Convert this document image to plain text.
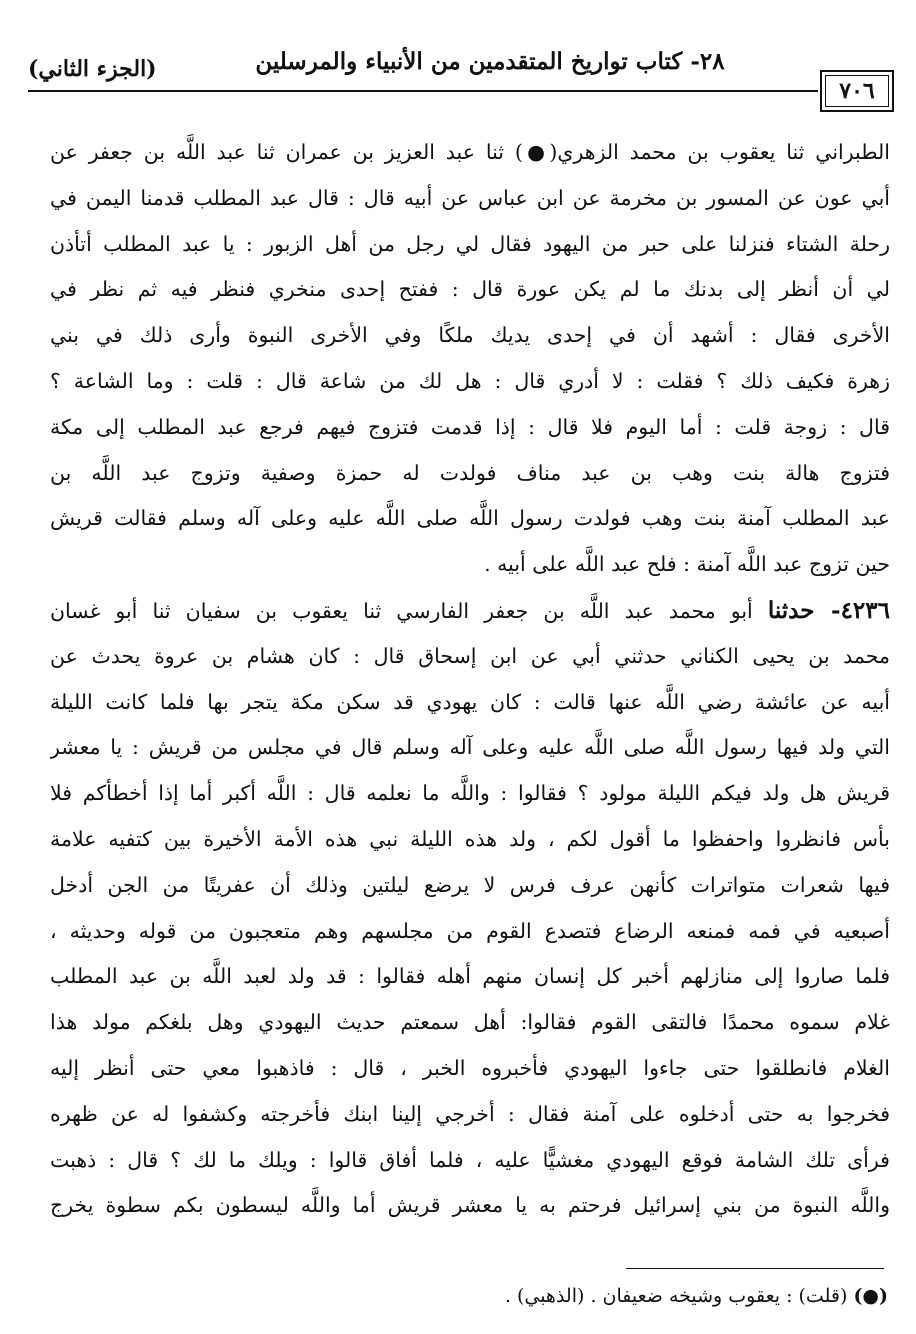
٧٠٦
٢٨- كتاب تواريخ المتقدمين من الأنبياء والمرسلين
(الجزء الثاني)
الطبراني ثنا يعقوب بن محمد الزهري(●) ثنا عبد العزيز بن عمران ثنا عبد اللَّه بن جعفر عن
أبي عون عن المسور بن مخرمة عن ابن عباس عن أبيه قال : قال عبد المطلب قدمنا اليمن في
رحلة الشتاء فنزلنا على حبر من اليهود فقال لي رجل من أهل الزبور : يا عبد المطلب أتأذن
لي أن أنظر إلى بدنك ما لم يكن عورة قال : ففتح إحدى منخري فنظر فيه ثم نظر في
الأخرى فقال : أشهد أن في إحدى يديك ملكًا وفي الأخرى النبوة وأرى ذلك في بني
زهرة فكيف ذلك ؟ فقلت : لا أدري قال : هل لك من شاعة قال : قلت : وما الشاعة ؟
قال : زوجة قلت : أما اليوم فلا قال : إذا قدمت فتزوج فيهم فرجع عبد المطلب إلى مكة
فتزوج هالة بنت وهب بن عبد مناف فولدت له حمزة وصفية وتزوج عبد اللَّه بن
عبد المطلب آمنة بنت وهب فولدت رسول اللَّه صلى اللَّه عليه وعلى آله وسلم فقالت قريش
حين تزوج عبد اللَّه آمنة : فلح عبد اللَّه على أبيه .
٤٢٣٦- حدثنا أبو محمد عبد اللَّه بن جعفر الفارسي ثنا يعقوب بن سفيان ثنا أبو غسان
محمد بن يحيى الكناني حدثني أبي عن ابن إسحاق قال : كان هشام بن عروة يحدث عن
أبيه عن عائشة رضي اللَّه عنها قالت : كان يهودي قد سكن مكة يتجر بها فلما كانت الليلة
التي ولد فيها رسول اللَّه صلى اللَّه عليه وعلى آله وسلم قال في مجلس من قريش : يا معشر
قريش هل ولد فيكم الليلة مولود ؟ فقالوا : واللَّه ما نعلمه قال : اللَّه أكبر أما إذا أخطأكم فلا
بأس فانظروا واحفظوا ما أقول لكم ، ولد هذه الليلة نبي هذه الأمة الأخيرة بين كتفيه علامة
فيها شعرات متواترات كأنهن عرف فرس لا يرضع ليلتين وذلك أن عفريتًا من الجن أدخل
أصبعيه في فمه فمنعه الرضاع فتصدع القوم من مجلسهم وهم متعجبون من قوله وحديثه ،
فلما صاروا إلى منازلهم أخبر كل إنسان منهم أهله فقالوا : قد ولد لعبد اللَّه بن عبد المطلب
غلام سموه محمدًا فالتقى القوم فقالوا: أهل سمعتم حديث اليهودي وهل بلغكم مولد هذا
الغلام فانطلقوا حتى جاءوا اليهودي فأخبروه الخبر ، قال : فاذهبوا معي حتى أنظر إليه
فخرجوا به حتى أدخلوه على آمنة فقال : أخرجي إلينا ابنك فأخرجته وكشفوا له عن ظهره
فرأى تلك الشامة فوقع اليهودي مغشيًّا عليه ، فلما أفاق قالوا : ويلك ما لك ؟ قال : ذهبت
واللَّه النبوة من بني إسرائيل فرحتم به يا معشر قريش أما واللَّه ليسطون بكم سطوة يخرج
(●) (قلت) : يعقوب وشيخه ضعيفان . (الذهبي) .
